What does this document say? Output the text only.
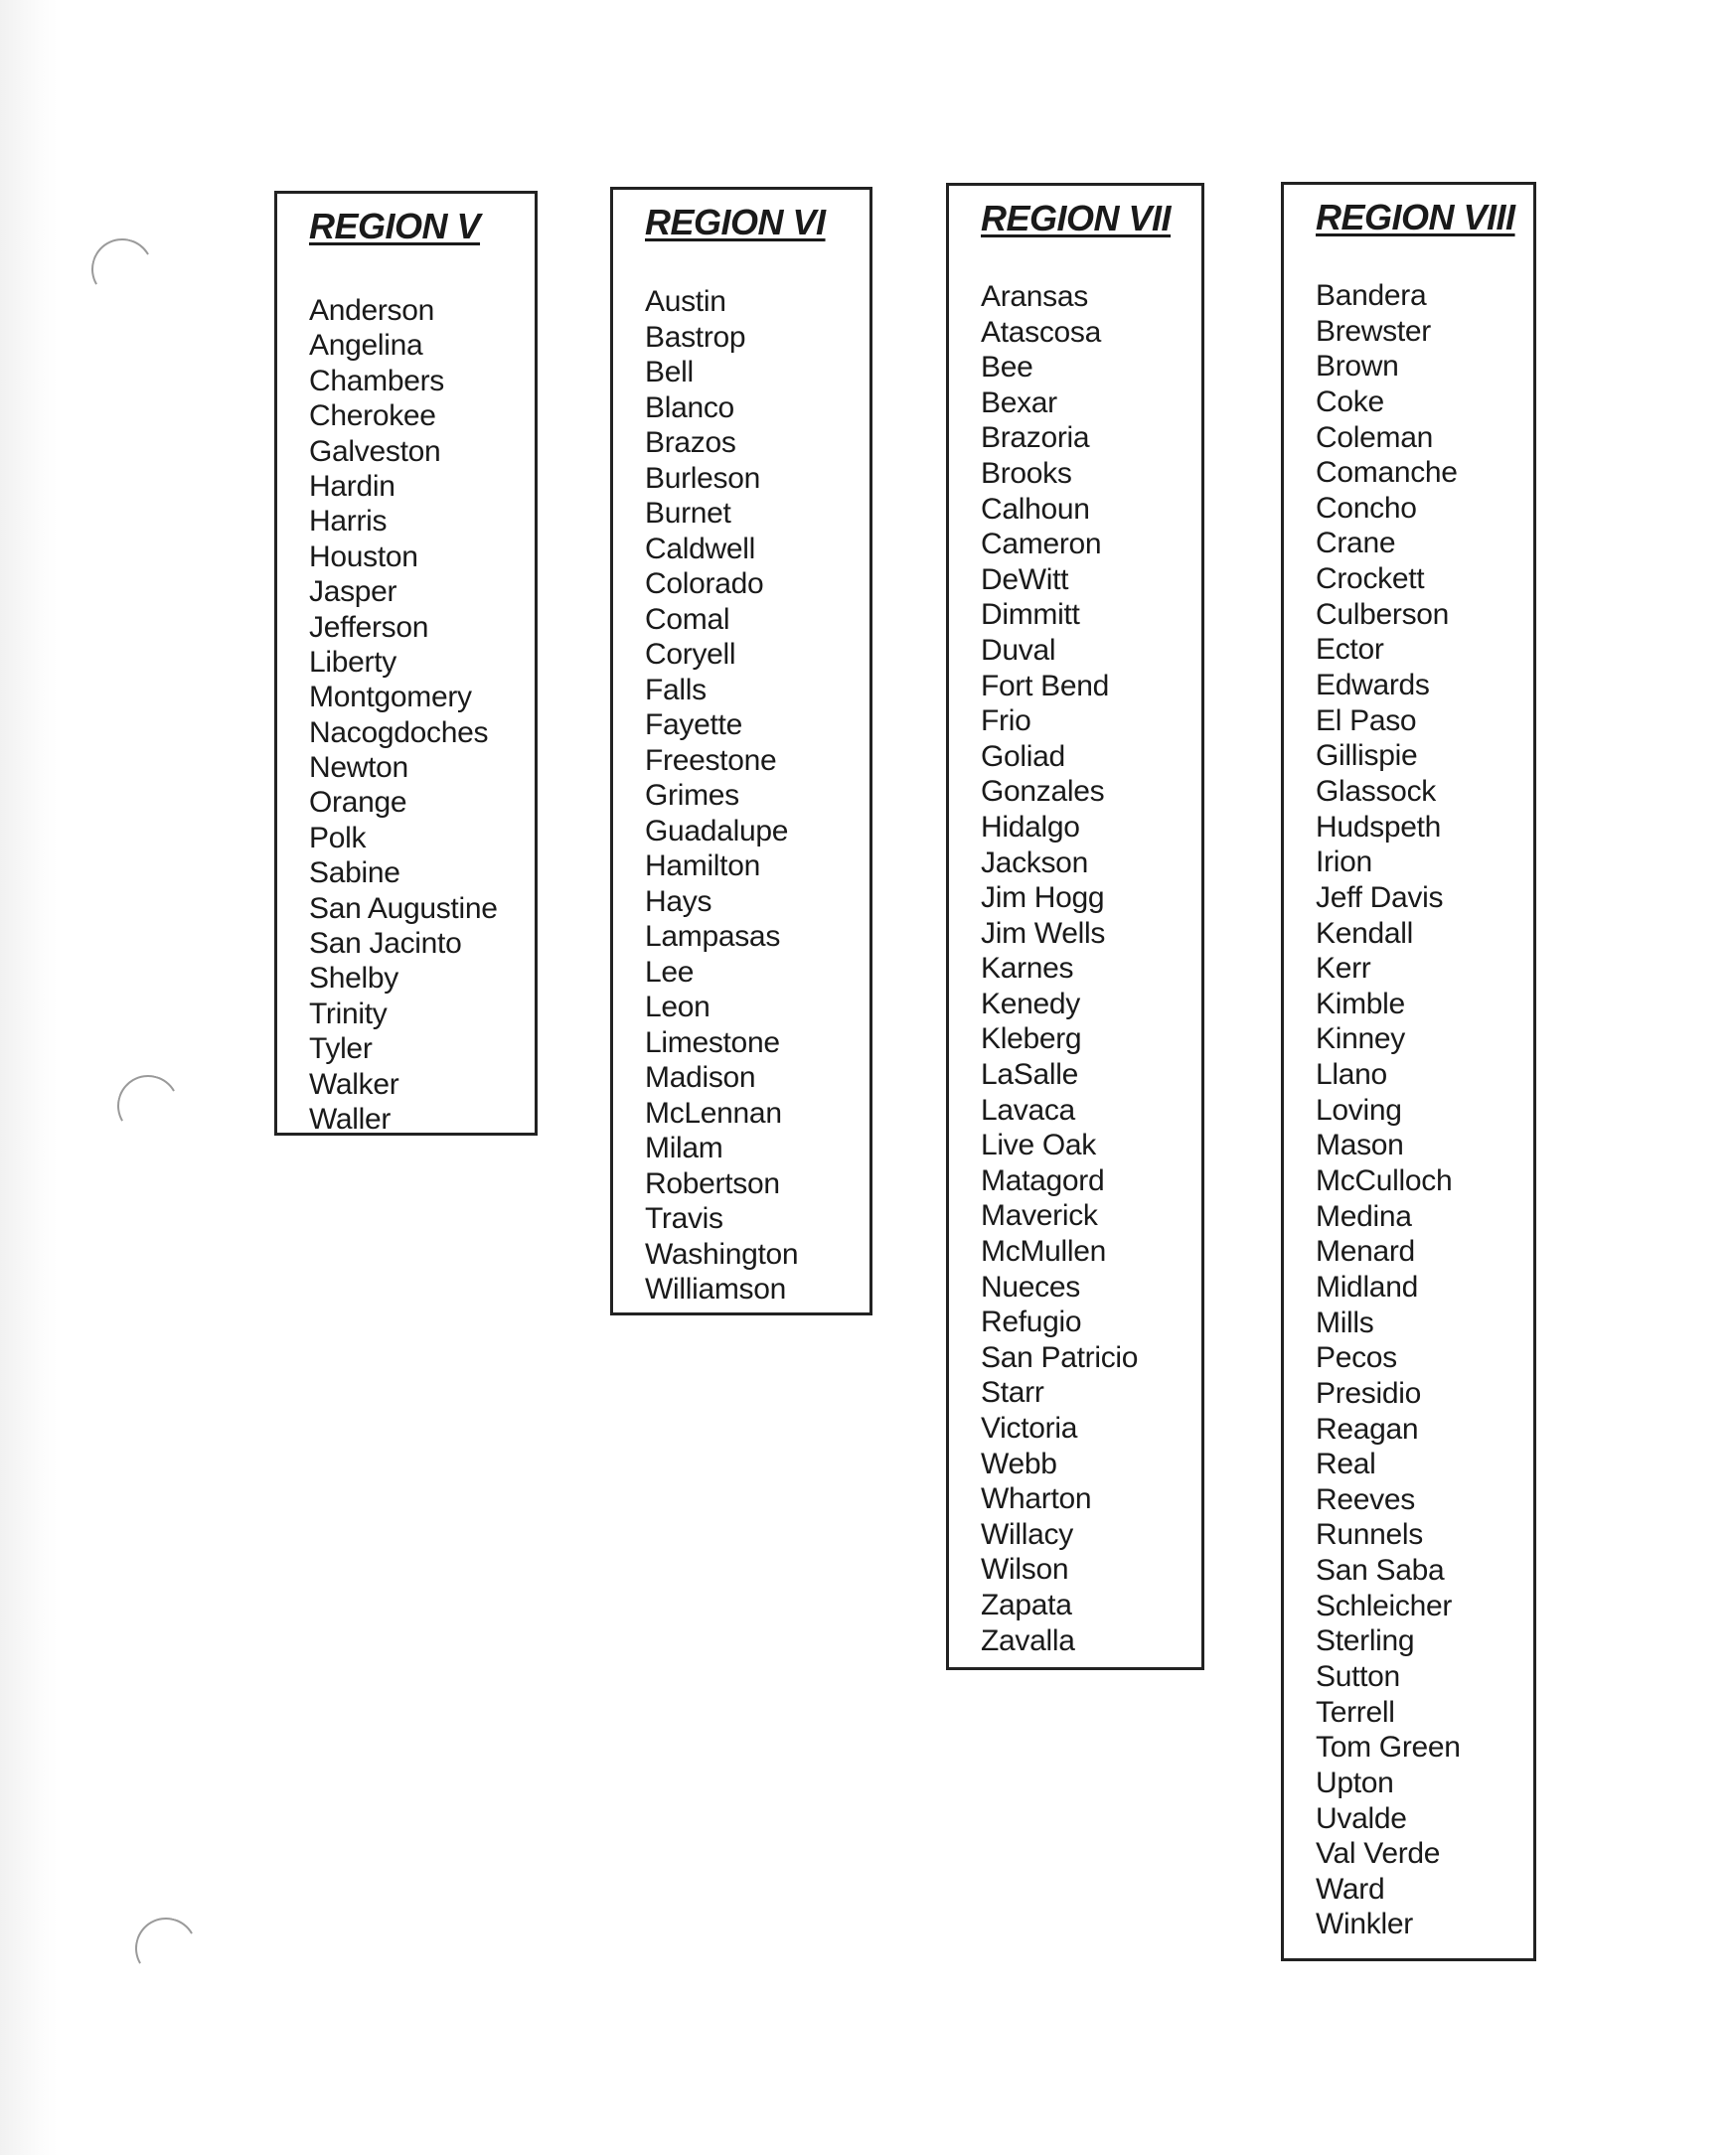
REGION V
Anderson
Angelina
Chambers
Cherokee
Galveston
Hardin
Harris
Houston
Jasper
Jefferson
Liberty
Montgomery
Nacogdoches
Newton
Orange
Polk
Sabine
San Augustine
San Jacinto
Shelby
Trinity
Tyler
Walker
Waller
REGION VI
Austin
Bastrop
Bell
Blanco
Brazos
Burleson
Burnet
Caldwell
Colorado
Comal
Coryell
Falls
Fayette
Freestone
Grimes
Guadalupe
Hamilton
Hays
Lampasas
Lee
Leon
Limestone
Madison
McLennan
Milam
Robertson
Travis
Washington
Williamson
REGION VII
Aransas
Atascosa
Bee
Bexar
Brazoria
Brooks
Calhoun
Cameron
DeWitt
Dimmitt
Duval
Fort Bend
Frio
Goliad
Gonzales
Hidalgo
Jackson
Jim Hogg
Jim Wells
Karnes
Kenedy
Kleberg
LaSalle
Lavaca
Live Oak
Matagord
Maverick
McMullen
Nueces
Refugio
San Patricio
Starr
Victoria
Webb
Wharton
Willacy
Wilson
Zapata
Zavalla
REGION VIII
Bandera
Brewster
Brown
Coke
Coleman
Comanche
Concho
Crane
Crockett
Culberson
Ector
Edwards
El Paso
Gillispie
Glassock
Hudspeth
Irion
Jeff Davis
Kendall
Kerr
Kimble
Kinney
Llano
Loving
Mason
McCulloch
Medina
Menard
Midland
Mills
Pecos
Presidio
Reagan
Real
Reeves
Runnels
San Saba
Schleicher
Sterling
Sutton
Terrell
Tom Green
Upton
Uvalde
Val Verde
Ward
Winkler
